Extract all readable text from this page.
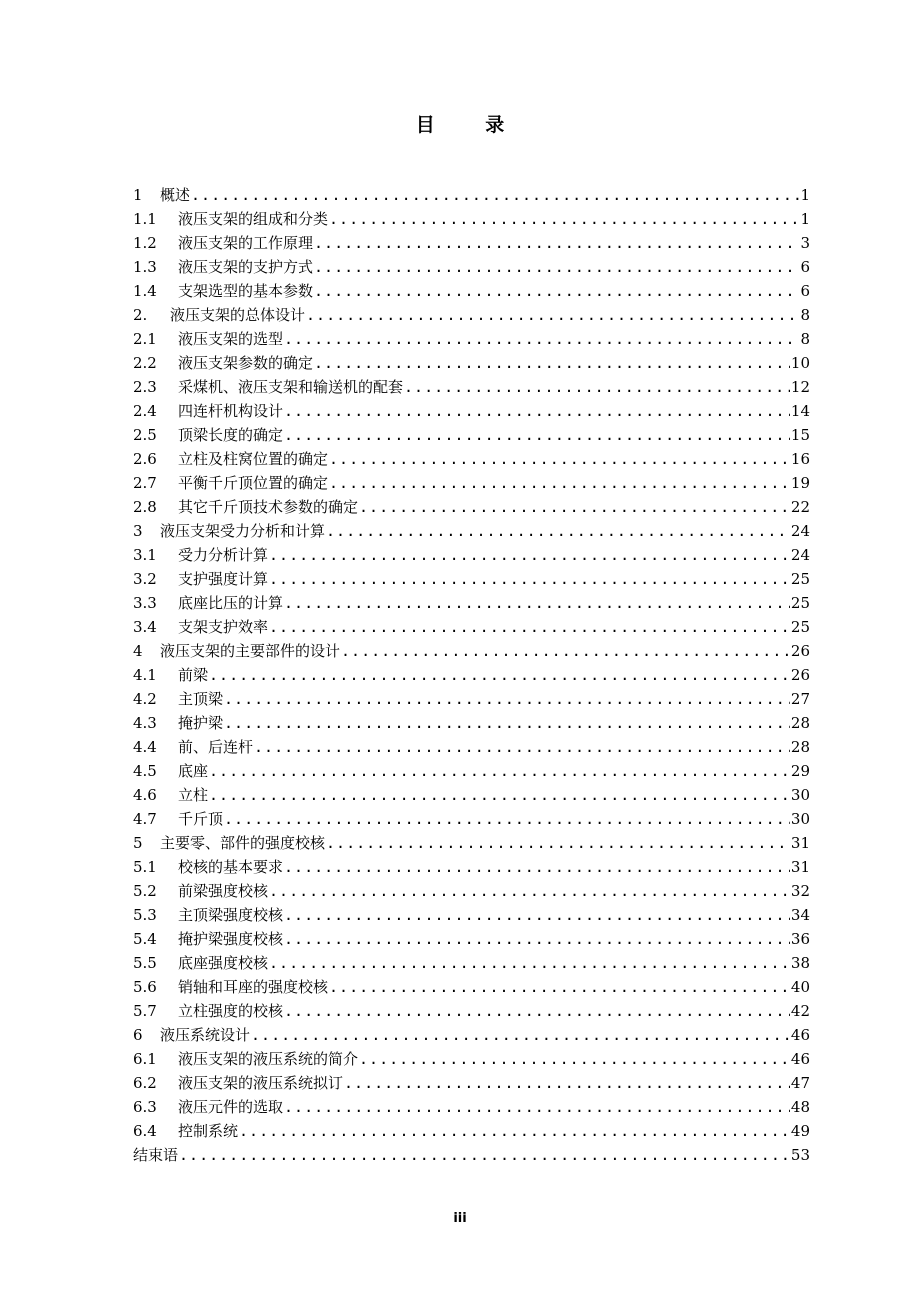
目 录
1	概述 .....	1
1.1	液压支架的组成和分类 .....	1
1.2	液压支架的工作原理 .....	3
1.3	液压支架的支护方式 .....	6
1.4	支架选型的基本参数 .....	6
2.	液压支架的总体设计 .....	8
2.1	液压支架的选型 .....	8
2.2	液压支架参数的确定 .....	10
2.3	采煤机、液压支架和输送机的配套 .....	12
2.4	四连杆机构设计 .....	14
2.5	顶梁长度的确定 .....	15
2.6	立柱及柱窝位置的确定 .....	16
2.7	平衡千斤顶位置的确定 .....	19
2.8	其它千斤顶技术参数的确定 .....	22
3	液压支架受力分析和计算 .....	24
3.1	受力分析计算 .....	24
3.2	支护强度计算 .....	25
3.3	底座比压的计算 .....	25
3.4	支架支护效率 .....	25
4	液压支架的主要部件的设计 .....	26
4.1	前梁 .....	26
4.2	主顶梁 .....	27
4.3	掩护梁 .....	28
4.4	前、后连杆 .....	28
4.5	底座 .....	29
4.6	立柱 .....	30
4.7	千斤顶 .....	30
5	主要零、部件的强度校核 .....	31
5.1	校核的基本要求 .....	31
5.2	前梁强度校核 .....	32
5.3	主顶梁强度校核 .....	34
5.4	掩护梁强度校核 .....	36
5.5	底座强度校核 .....	38
5.6	销轴和耳座的强度校核 .....	40
5.7	立柱强度的校核 .....	42
6	液压系统设计 .....	46
6.1	液压支架的液压系统的简介 .....	46
6.2	液压支架的液压系统拟订 .....	47
6.3	液压元件的选取 .....	48
6.4	控制系统 .....	49
结束语 .....	53
iii
